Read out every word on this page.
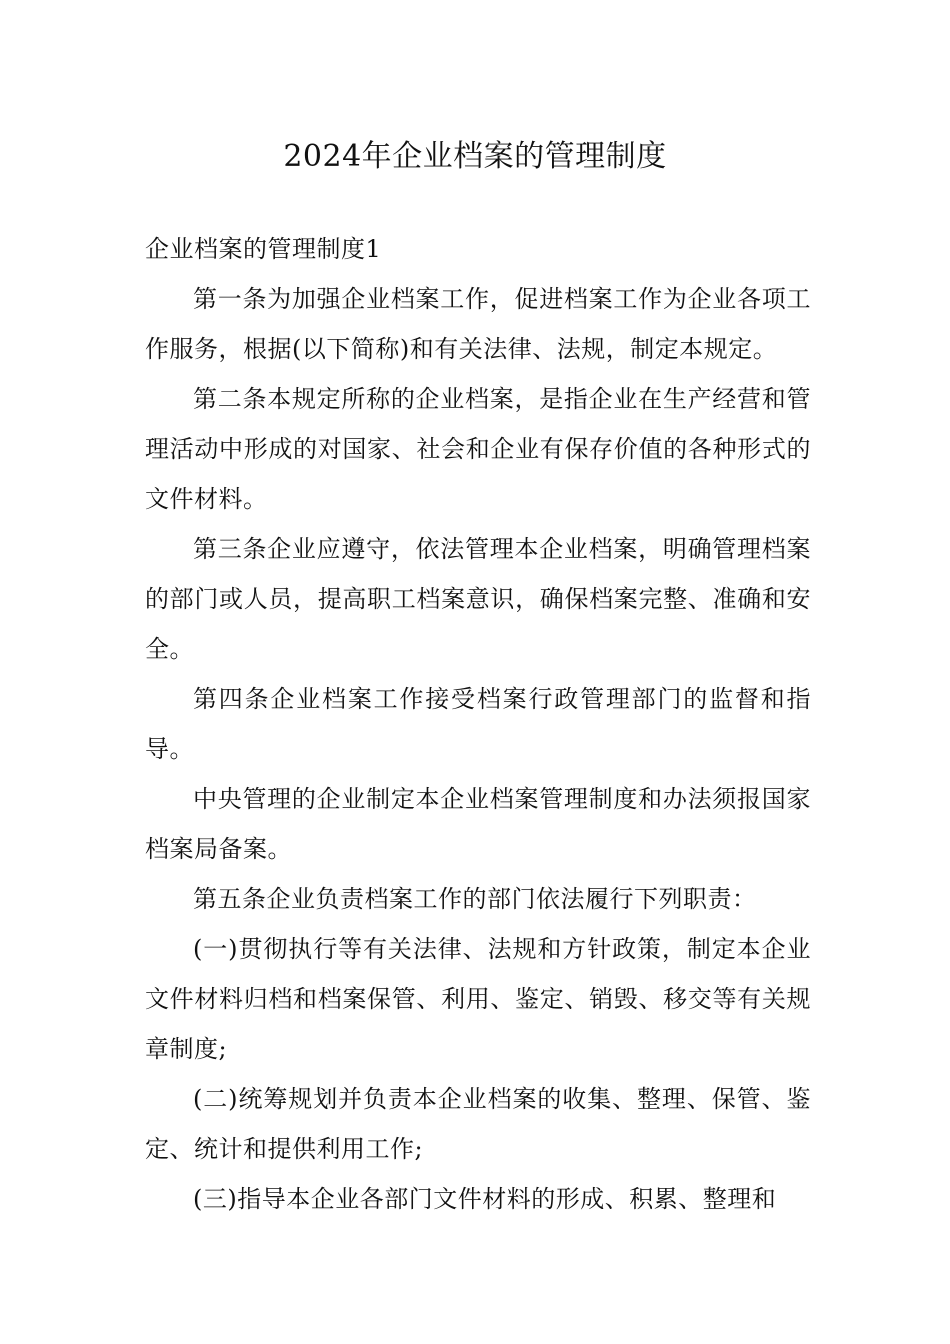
2024年企业档案的管理制度

企业档案的管理制度1

第一条为加强企业档案工作，促进档案工作为企业各项工作服务，根据(以下简称)和有关法律、法规，制定本规定。

第二条本规定所称的企业档案，是指企业在生产经营和管理活动中形成的对国家、社会和企业有保存价值的各种形式的文件材料。

第三条企业应遵守，依法管理本企业档案，明确管理档案的部门或人员，提高职工档案意识，确保档案完整、准确和安全。

第四条企业档案工作接受档案行政管理部门的监督和指导。

中央管理的企业制定本企业档案管理制度和办法须报国家档案局备案。

第五条企业负责档案工作的部门依法履行下列职责：

(一)贯彻执行等有关法律、法规和方针政策，制定本企业文件材料归档和档案保管、利用、鉴定、销毁、移交等有关规章制度;

(二)统筹规划并负责本企业档案的收集、整理、保管、鉴定、统计和提供利用工作;

(三)指导本企业各部门文件材料的形成、积累、整理和
